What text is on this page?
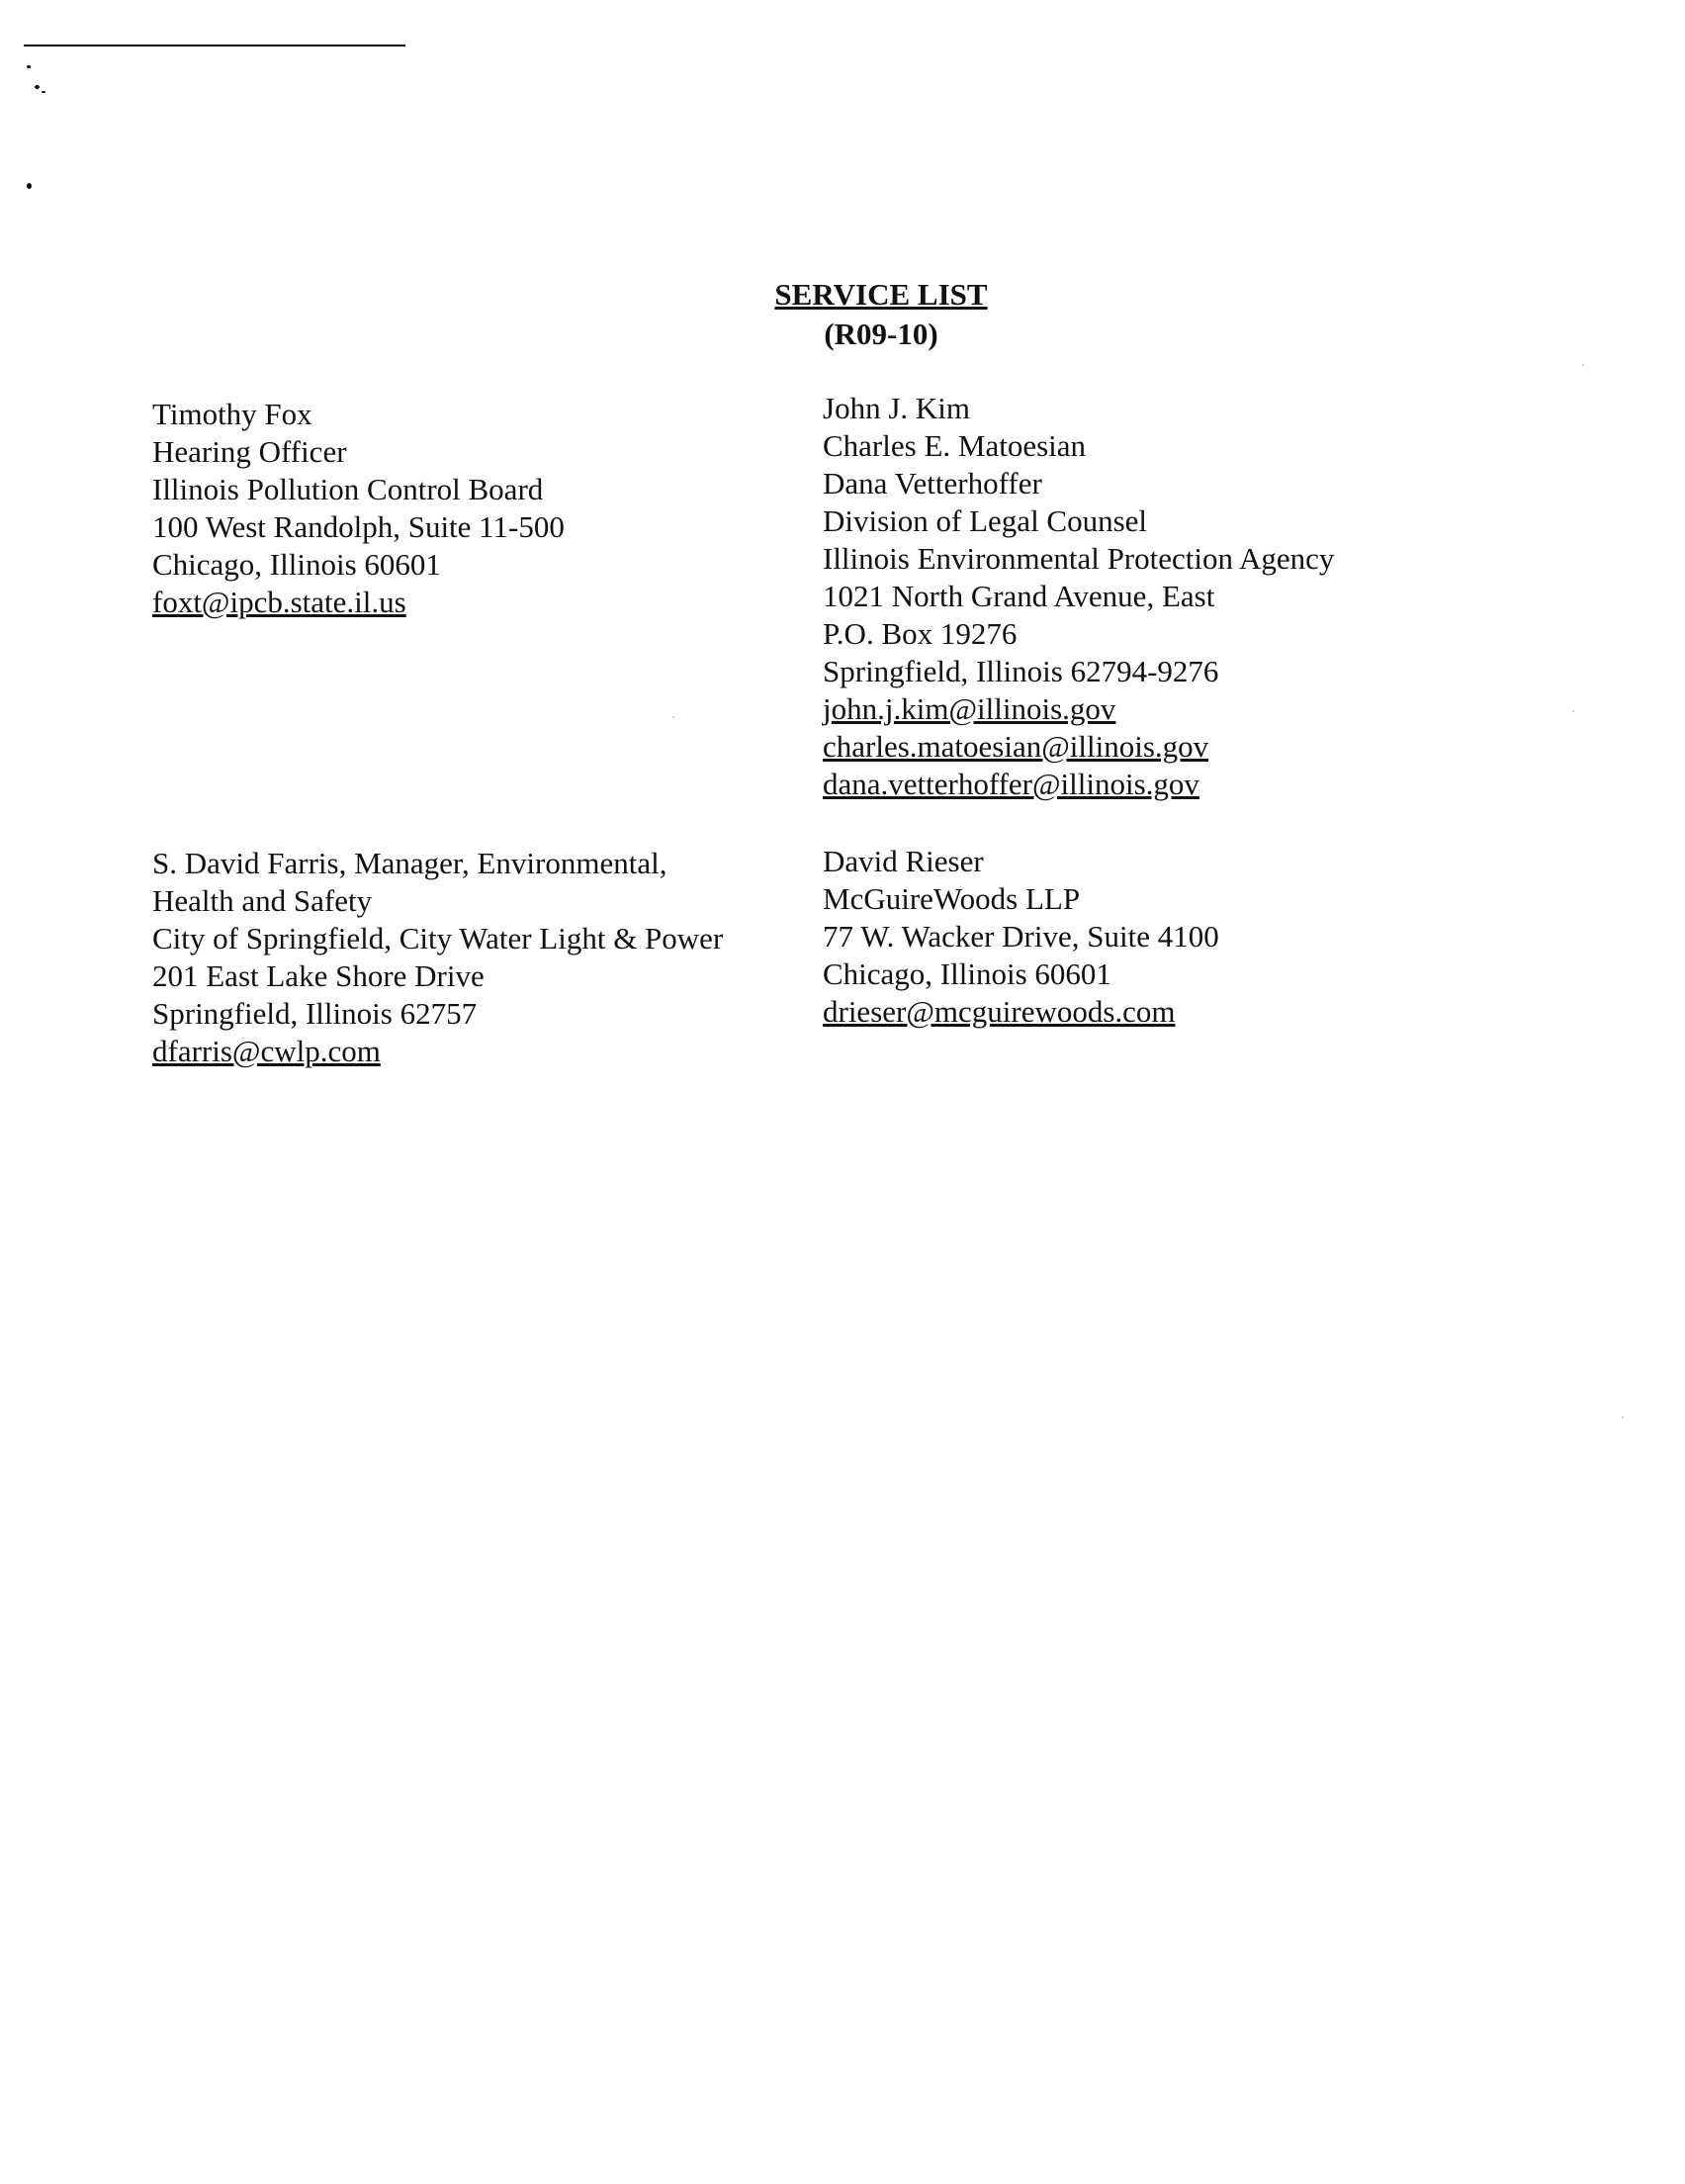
SERVICE LIST
(R09-10)
Timothy Fox
Hearing Officer
Illinois Pollution Control Board
100 West Randolph, Suite 11-500
Chicago, Illinois 60601
foxt@ipcb.state.il.us
John J. Kim
Charles E. Matoesian
Dana Vetterhoffer
Division of Legal Counsel
Illinois Environmental Protection Agency
1021 North Grand Avenue, East
P.O. Box 19276
Springfield, Illinois 62794-9276
john.j.kim@illinois.gov
charles.matoesian@illinois.gov
dana.vetterhoffer@illinois.gov
S. David Farris, Manager, Environmental,
Health and Safety
City of Springfield, City Water Light & Power
201 East Lake Shore Drive
Springfield, Illinois 62757
dfarris@cwlp.com
David Rieser
McGuireWoods LLP
77 W. Wacker Drive, Suite 4100
Chicago, Illinois 60601
drieser@mcguirewoods.com
